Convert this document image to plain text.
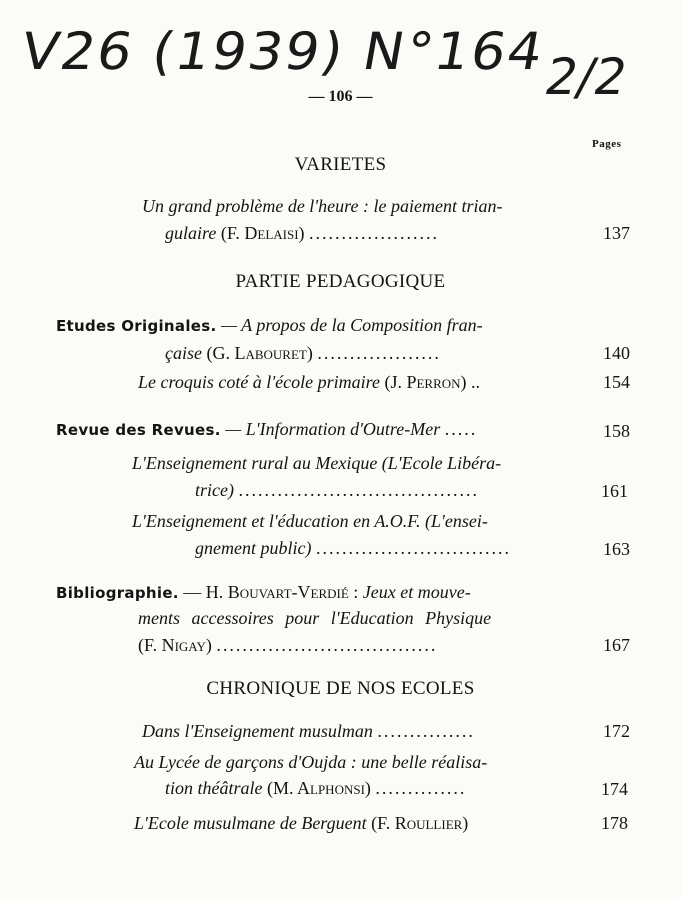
V26 (1939) N°164
2/2
— 106 —
Pages
VARIETES
Un grand problème de l'heure : le paiement trian-
gulaire (F. Delaisi) ....................	137
PARTIE PEDAGOGIQUE
Etudes Originales. — A propos de la Composition fran-
çaise (G. Labouret) ...................	140
Le croquis coté à l'école primaire (J. Perron) ..	154
Revue des Revues. — L'Information d'Outre-Mer .....	158
L'Enseignement rural au Mexique (L'Ecole Libéra-
trice) .....................................	161
L'Enseignement et l'éducation en A.O.F. (L'ensei-
gnement public) ..............................	163
Bibliographie. — H. Bouvart-Verdié : Jeux et mouve-
ments accessoires pour l'Education Physique
(F. Nigay) ..................................	167
CHRONIQUE DE NOS ECOLES
Dans l'Enseignement musulman ...............	172
Au Lycée de garçons d'Oujda : une belle réalisa-
tion théâtrale (M. Alphonsi) ..............	174
L'Ecole musulmane de Berguent (F. Roullier)	178
